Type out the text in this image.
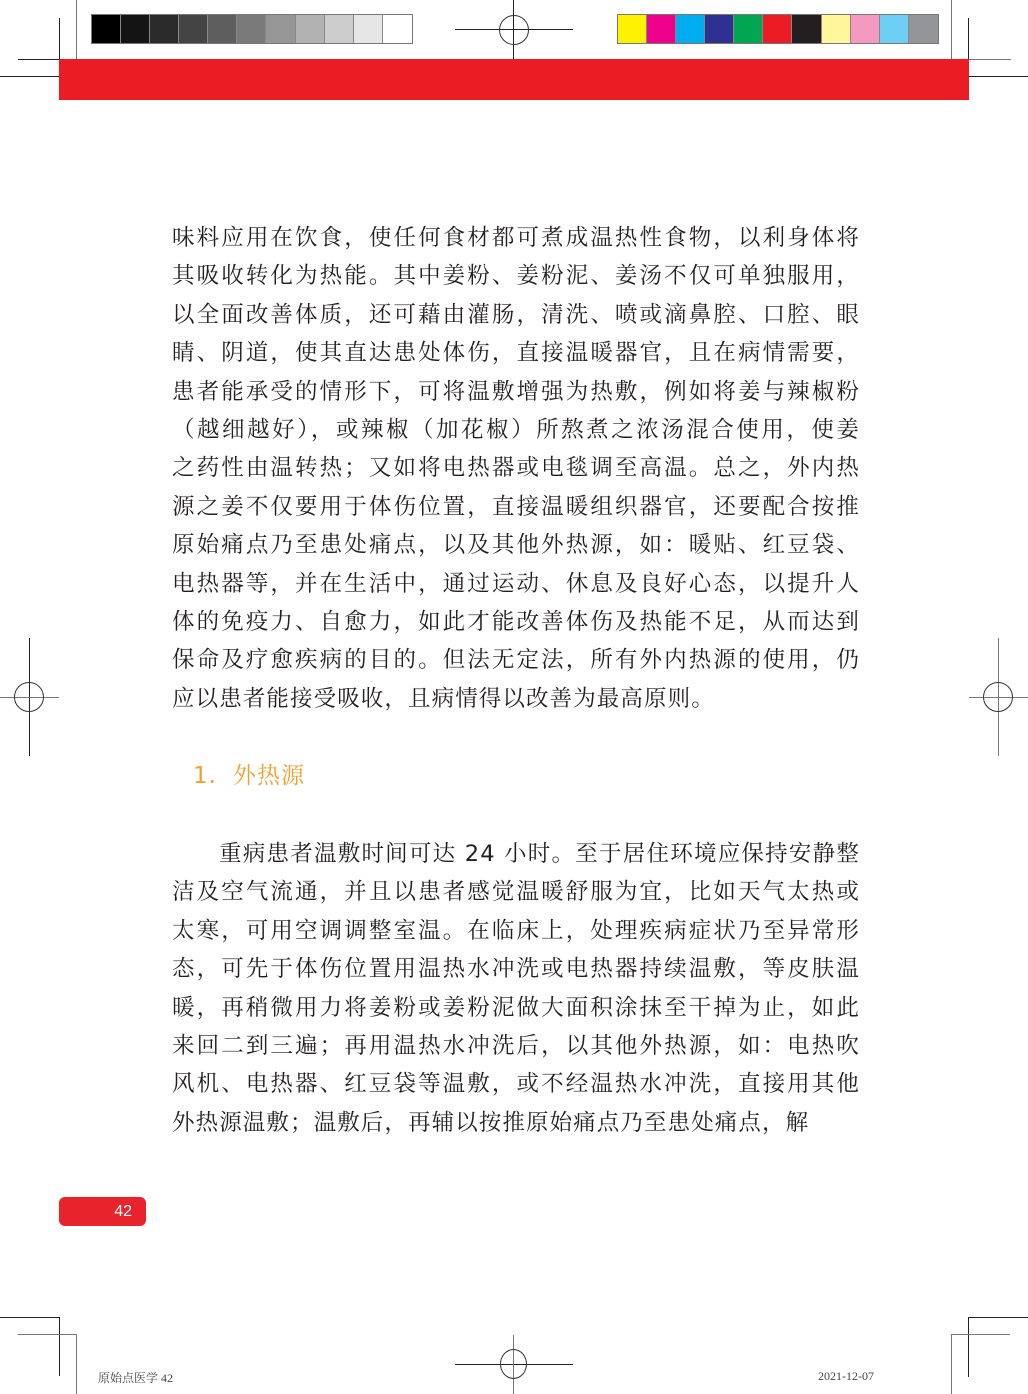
味料应用在饮食，使任何食材都可煮成温热性食物，以利身体将
其吸收转化为热能。其中姜粉、姜粉泥、姜汤不仅可单独服用，
以全面改善体质，还可藉由灌肠，清洗、喷或滴鼻腔、口腔、眼
睛、阴道，使其直达患处体伤，直接温暖器官，且在病情需要，
患者能承受的情形下，可将温敷增强为热敷，例如将姜与辣椒粉
（越细越好），或辣椒（加花椒）所熬煮之浓汤混合使用，使姜
之药性由温转热；又如将电热器或电毯调至高温。总之，外内热
源之姜不仅要用于体伤位置，直接温暖组织器官，还要配合按推
原始痛点乃至患处痛点，以及其他外热源，如：暖贴、红豆袋、
电热器等，并在生活中，通过运动、休息及良好心态，以提升人
体的免疫力、自愈力，如此才能改善体伤及热能不足，从而达到
保命及疗愈疾病的目的。但法无定法，所有外内热源的使用，仍
应以患者能接受吸收，且病情得以改善为最高原则。
1. 外热源
重病患者温敷时间可达 24 小时。至于居住环境应保持安静整
洁及空气流通，并且以患者感觉温暖舒服为宜，比如天气太热或
太寒，可用空调调整室温。在临床上，处理疾病症状乃至异常形
态，可先于体伤位置用温热水冲洗或电热器持续温敷，等皮肤温
暖，再稍微用力将姜粉或姜粉泥做大面积涂抹至干掉为止，如此
来回二到三遍；再用温热水冲洗后，以其他外热源，如：电热吹
风机、电热器、红豆袋等温敷，或不经温热水冲洗，直接用其他
外热源温敷；温敷后，再辅以按推原始痛点乃至患处痛点，解
42
原始点医学 42	2021-12-07
